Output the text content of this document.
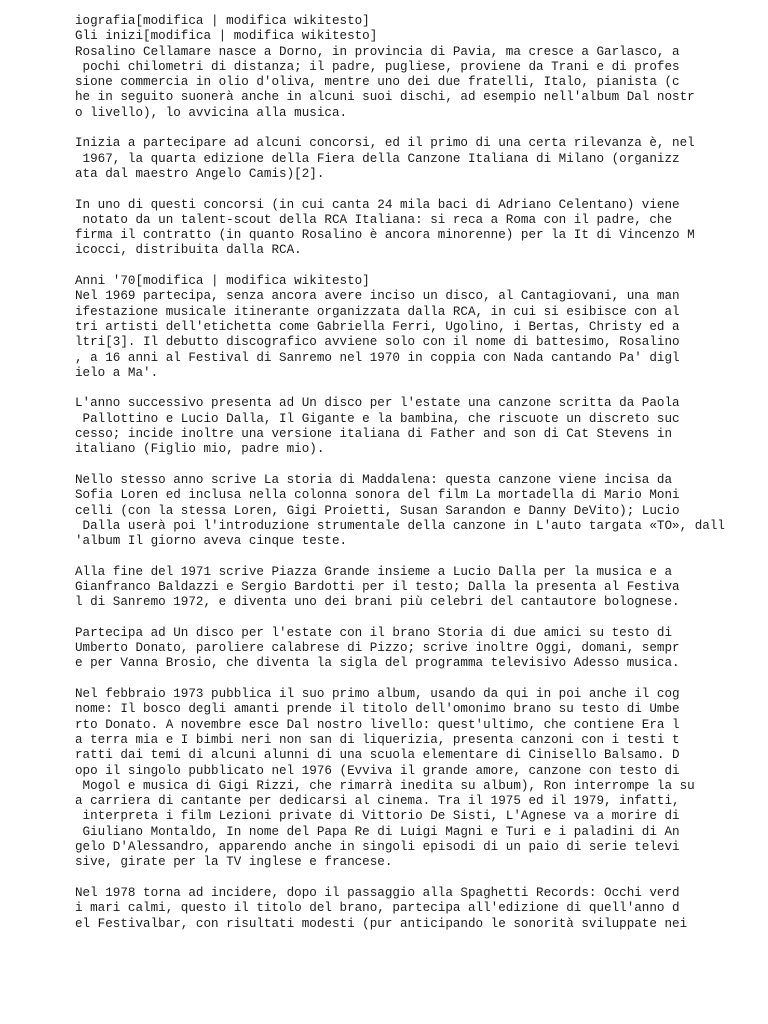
iografia[modifica | modifica wikitesto]
Gli inizi[modifica | modifica wikitesto]
Rosalino Cellamare nasce a Dorno, in provincia di Pavia, ma cresce a Garlasco, a
pochi chilometri di distanza; il padre, pugliese, proviene da Trani e di profes
sione commercia in olio d'oliva, mentre uno dei due fratelli, Italo, pianista (c
he in seguito suonerà anche in alcuni suoi dischi, ad esempio nell'album Dal nostr
o livello), lo avvicina alla musica.
Inizia a partecipare ad alcuni concorsi, ed il primo di una certa rilevanza è, nel
1967, la quarta edizione della Fiera della Canzone Italiana di Milano (organizz
ata dal maestro Angelo Camis)[2].
In uno di questi concorsi (in cui canta 24 mila baci di Adriano Celentano) viene
notato da un talent-scout della RCA Italiana: si reca a Roma con il padre, che
firma il contratto (in quanto Rosalino è ancora minorenne) per la It di Vincenzo M
icocci, distribuita dalla RCA.
Anni '70[modifica | modifica wikitesto]
Nel 1969 partecipa, senza ancora avere inciso un disco, al Cantagiovani, una man
ifestazione musicale itinerante organizzata dalla RCA, in cui si esibisce con al
tri artisti dell'etichetta come Gabriella Ferri, Ugolino, i Bertas, Christy ed a
ltri[3]. Il debutto discografico avviene solo con il nome di battesimo, Rosalino
, a 16 anni al Festival di Sanremo nel 1970 in coppia con Nada cantando Pa' digl
ielo a Ma'.
L'anno successivo presenta ad Un disco per l'estate una canzone scritta da Paola
Pallottino e Lucio Dalla, Il Gigante e la bambina, che riscuote un discreto suc
cesso; incide inoltre una versione italiana di Father and son di Cat Stevens in
italiano (Figlio mio, padre mio).
Nello stesso anno scrive La storia di Maddalena: questa canzone viene incisa da
Sofia Loren ed inclusa nella colonna sonora del film La mortadella di Mario Moni
celli (con la stessa Loren, Gigi Proietti, Susan Sarandon e Danny DeVito); Lucio
Dalla userà poi l'introduzione strumentale della canzone in L'auto targata «TO», dall
'album Il giorno aveva cinque teste.
Alla fine del 1971 scrive Piazza Grande insieme a Lucio Dalla per la musica e a
Gianfranco Baldazzi e Sergio Bardotti per il testo; Dalla la presenta al Festiva
l di Sanremo 1972, e diventa uno dei brani più celebri del cantautore bolognese.
Partecipa ad Un disco per l'estate con il brano Storia di due amici su testo di
Umberto Donato, paroliere calabrese di Pizzo; scrive inoltre Oggi, domani, sempr
e per Vanna Brosio, che diventa la sigla del programma televisivo Adesso musica.
Nel febbraio 1973 pubblica il suo primo album, usando da qui in poi anche il cog
nome: Il bosco degli amanti prende il titolo dell'omonimo brano su testo di Umbe
rto Donato. A novembre esce Dal nostro livello: quest'ultimo, che contiene Era l
a terra mia e I bimbi neri non san di liquerizia, presenta canzoni con i testi t
ratti dai temi di alcuni alunni di una scuola elementare di Cinisello Balsamo. D
opo il singolo pubblicato nel 1976 (Evviva il grande amore, canzone con testo di
Mogol e musica di Gigi Rizzi, che rimarrà inedita su album), Ron interrompe la su
a carriera di cantante per dedicarsi al cinema. Tra il 1975 ed il 1979, infatti,
interpreta i film Lezioni private di Vittorio De Sisti, L'Agnese va a morire di
Giuliano Montaldo, In nome del Papa Re di Luigi Magni e Turi e i paladini di An
gelo D'Alessandro, apparendo anche in singoli episodi di un paio di serie televi
sive, girate per la TV inglese e francese.
Nel 1978 torna ad incidere, dopo il passaggio alla Spaghetti Records: Occhi verd
i mari calmi, questo il titolo del brano, partecipa all'edizione di quell'anno d
el Festivalbar, con risultati modesti (pur anticipando le sonorità sviluppate nei
